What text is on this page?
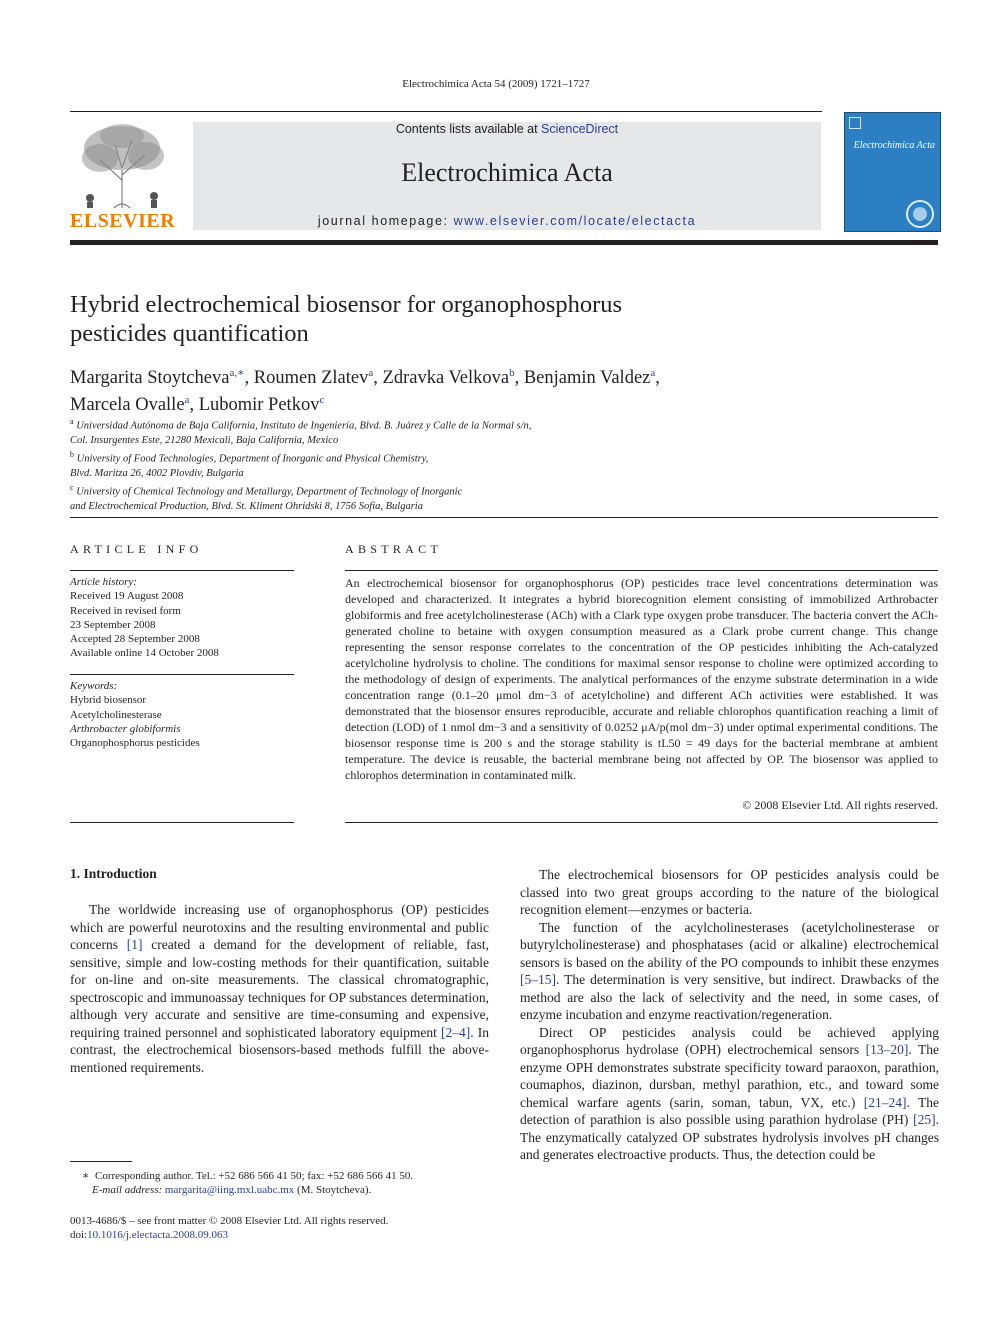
Electrochimica Acta 54 (2009) 1721–1727
ELSEVIER
Contents lists available at ScienceDirect
Electrochimica Acta
journal homepage: www.elsevier.com/locate/electacta
Electrochimica Acta
Hybrid electrochemical biosensor for organophosphorus
pesticides quantification
Margarita Stoytcheva$^{a,∗}$, Roumen Zlatev$^a$, Zdravka Velkova$^b$, Benjamin Valdez$^a$,
Marcela Ovalle$^a$, Lubomir Petkov$^c$
$^a$ Universidad Autónoma de Baja California, Instituto de Ingeniería, Blvd. B. Juárez y Calle de la Normal s/n,
Col. Insurgentes Este, 21280 Mexicali, Baja California, Mexico
$^b$ University of Food Technologies, Department of Inorganic and Physical Chemistry,
Blvd. Maritza 26, 4002 Plovdiv, Bulgaria
$^c$ University of Chemical Technology and Metallurgy, Department of Technology of Inorganic
and Electrochemical Production, Blvd. St. Kliment Ohridski 8, 1756 Sofia, Bulgaria
ARTICLE INFO
Article history:
Received 19 August 2008
Received in revised form
23 September 2008
Accepted 28 September 2008
Available online 14 October 2008
Keywords:
Hybrid biosensor
Acetylcholinesterase
Arthrobacter globiformis
Organophosphorus pesticides
ABSTRACT
An electrochemical biosensor for organophosphorus (OP) pesticides trace level concentrations determination was developed and characterized. It integrates a hybrid biorecognition element consisting of immobilized Arthrobacter globiformis and free acetylcholinesterase (ACh) with a Clark type oxygen probe transducer. The bacteria convert the ACh-generated choline to betaine with oxygen consumption measured as a Clark probe current change. This change representing the sensor response correlates to the concentration of the OP pesticides inhibiting the Ach-catalyzed acetylcholine hydrolysis to choline. The conditions for maximal sensor response to choline were optimized according to the methodology of design of experiments. The analytical performances of the enzyme substrate determination in a wide concentration range (0.1–20 μmol dm−3 of acetylcholine) and different ACh activities were established. It was demonstrated that the biosensor ensures reproducible, accurate and reliable chlorophos quantification reaching a limit of detection (LOD) of 1 nmol dm−3 and a sensitivity of 0.0252 μA/p(mol dm−3) under optimal experimental conditions. The biosensor response time is 200 s and the storage stability is tL50 = 49 days for the bacterial membrane at ambient temperature. The device is reusable, the bacterial membrane being not affected by OP. The biosensor was applied to chlorophos determination in contaminated milk.
© 2008 Elsevier Ltd. All rights reserved.
1. Introduction

The worldwide increasing use of organophosphorus (OP) pesticides which are powerful neurotoxins and the resulting environmental and public concerns [1] created a demand for the development of reliable, fast, sensitive, simple and low-costing methods for their quantification, suitable for on-line and on-site measurements. The classical chromatographic, spectroscopic and immunoassay techniques for OP substances determination, although very accurate and sensitive are time-consuming and expensive, requiring trained personnel and sophisticated laboratory equipment [2–4]. In contrast, the electrochemical biosensors-based methods fulfill the above-mentioned requirements.

The electrochemical biosensors for OP pesticides analysis could be classed into two great groups according to the nature of the biological recognition element—enzymes or bacteria.

The function of the acylcholinesterases (acetylcholinesterase or butyrylcholinesterase) and phosphatases (acid or alkaline) electrochemical sensors is based on the ability of the PO compounds to inhibit these enzymes [5–15]. The determination is very sensitive, but indirect. Drawbacks of the method are also the lack of selectivity and the need, in some cases, of enzyme incubation and enzyme reactivation/regeneration.

Direct OP pesticides analysis could be achieved applying organophosphorus hydrolase (OPH) electrochemical sensors [13–20]. The enzyme OPH demonstrates substrate specificity toward paraoxon, parathion, coumaphos, diazinon, dursban, methyl parathion, etc., and toward some chemical warfare agents (sarin, soman, tabun, VX, etc.) [21–24]. The detection of parathion is also possible using parathion hydrolase (PH) [25]. The enzymatically catalyzed OP substrates hydrolysis involves pH changes and generates electroactive products. Thus, the detection could be

∗ Corresponding author. Tel.: +52 686 566 41 50; fax: +52 686 566 41 50.
E-mail address: margarita@iing.mxl.uabc.mx (M. Stoytcheva).
0013-4686/$ – see front matter © 2008 Elsevier Ltd. All rights reserved.
doi:10.1016/j.electacta.2008.09.063
